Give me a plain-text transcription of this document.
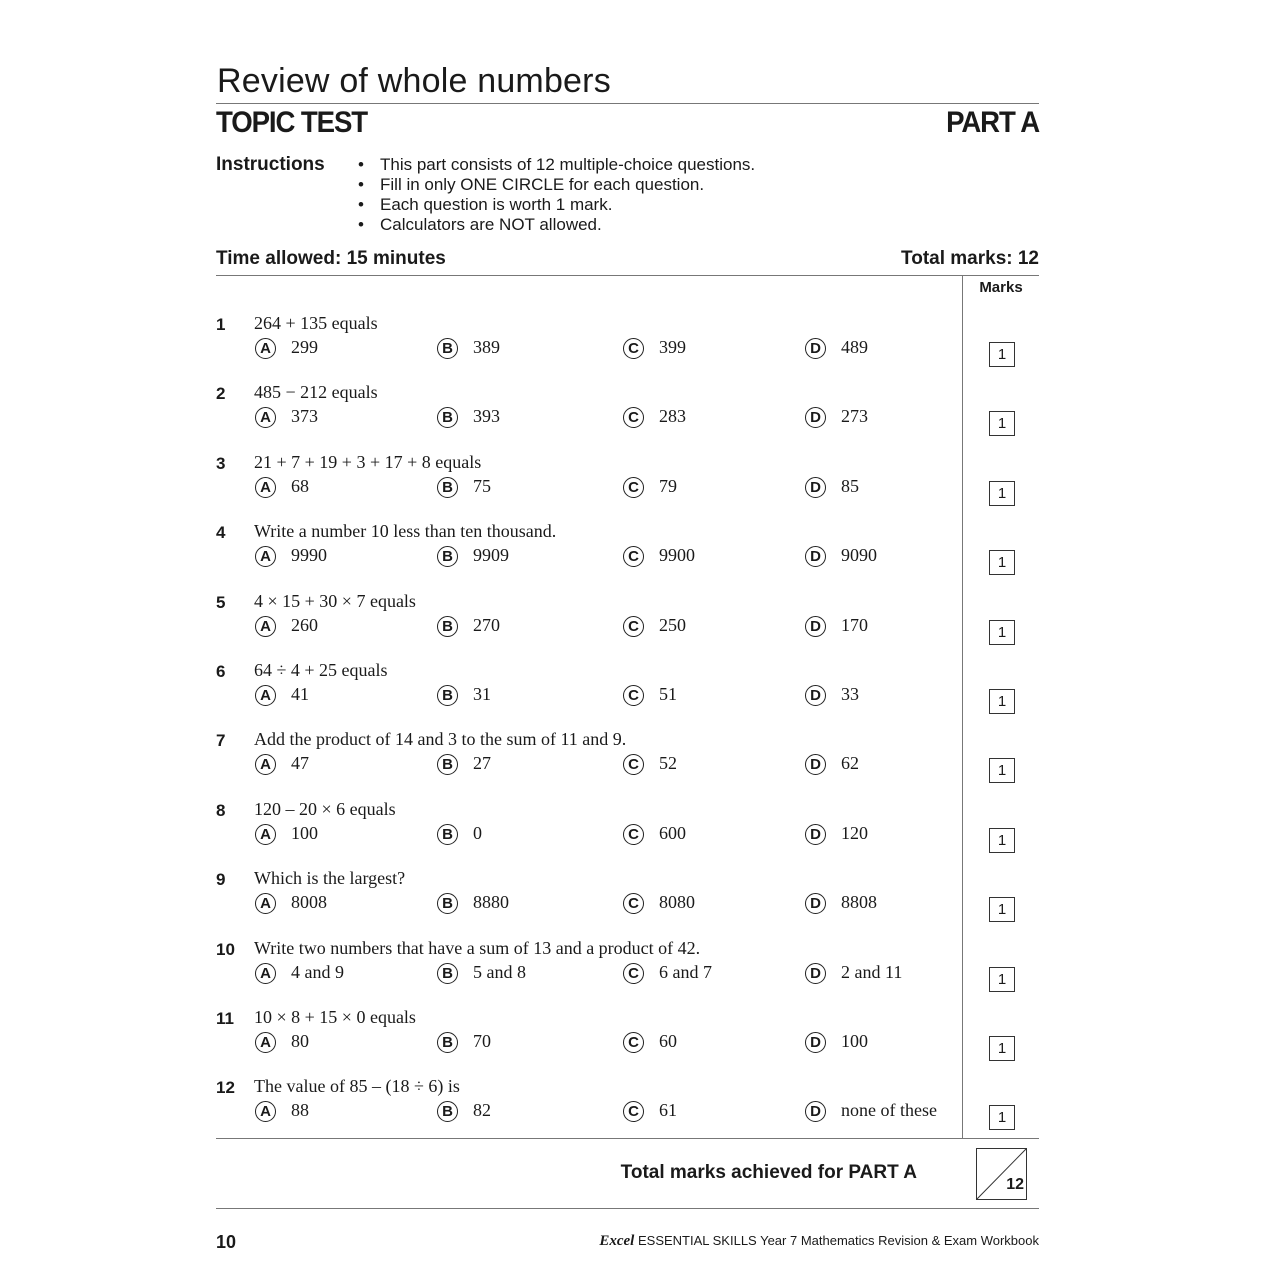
Review of whole numbers
TOPIC TEST	PART A
Instructions
•	This part consists of 12 multiple-choice questions.
• Fill in only ONE CIRCLE for each question.
• Each question is worth 1 mark.
• Calculators are NOT allowed.
Time allowed: 15 minutes	Total marks: 12
Marks
1 264 + 135 equals
A 299	B 389	C 399	D 489	1
2 485 − 212 equals
A 373	B 393	C 283	D 273	1
3 21 + 7 + 19 + 3 + 17 + 8 equals
A 68	B 75	C 79	D 85	1
4 Write a number 10 less than ten thousand.
A 9990	B 9909	C 9900	D 9090	1
5 4 × 15 + 30 × 7 equals
A 260	B 270	C 250	D 170	1
6 64 ÷ 4 + 25 equals
A 41	B 31	C 51	D 33	1
7 Add the product of 14 and 3 to the sum of 11 and 9.
A 47	B 27	C 52	D 62	1
8 120 – 20 × 6 equals
A 100	B 0	C 600	D 120	1
9 Which is the largest?
A 8008	B 8880	C 8080	D 8808	1
10 Write two numbers that have a sum of 13 and a product of 42.
A 4 and 9	B 5 and 8	C 6 and 7	D 2 and 11	1
11 10 × 8 + 15 × 0 equals
A 80	B 70	C 60	D 100	1
12 The value of 85 – (18 ÷ 6) is
A 88	B 82	C 61	D none of these	1
Total marks achieved for PART A
12
10	Excel ESSENTIAL SKILLS Year 7 Mathematics Revision & Exam Workbook
